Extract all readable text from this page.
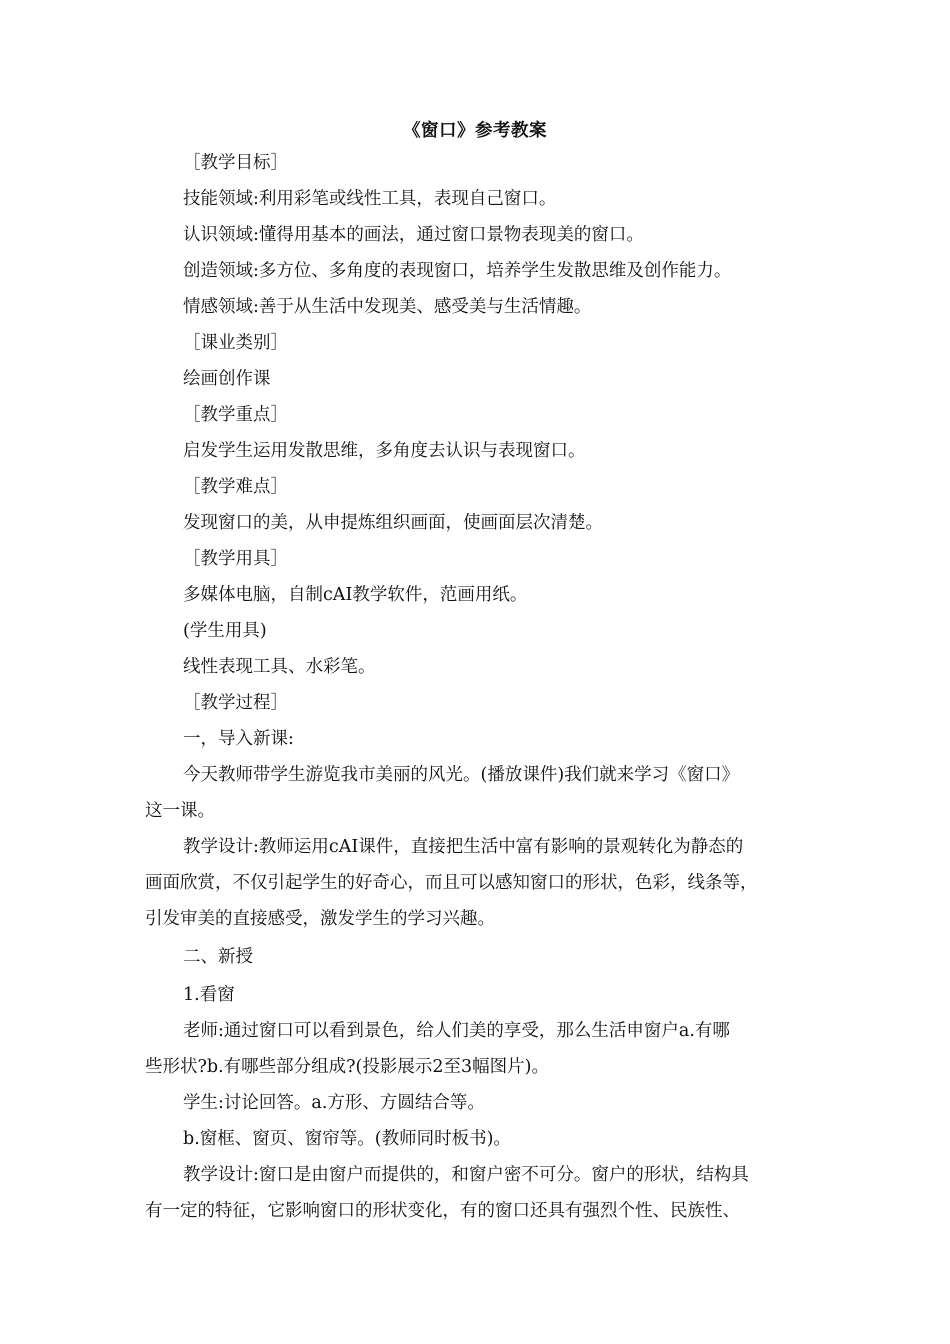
《窗口》参考教案
［教学目标］
技能领域:利用彩笔或线性工具，表现自己窗口。
认识领域:懂得用基本的画法，通过窗口景物表现美的窗口。
创造领域:多方位、多角度的表现窗口，培养学生发散思维及创作能力。
情感领域:善于从生活中发现美、感受美与生活情趣。
［课业类别］
绘画创作课
［教学重点］
启发学生运用发散思维，多角度去认识与表现窗口。
［教学难点］
发现窗口的美，从申提炼组织画面，使画面层次清楚。
［教学用具］
多媒体电脑，自制cAI教学软件，范画用纸。
(学生用具)
线性表现工具、水彩笔。
［教学过程］
一，导入新课:
今天教师带学生游览我市美丽的风光。(播放课件)我们就来学习《窗口》
这一课。
教学设计:教师运用cAI课件，直接把生活中富有影响的景观转化为静态的
画面欣赏，不仅引起学生的好奇心，而且可以感知窗口的形状，色彩，线条等，
引发审美的直接感受，激发学生的学习兴趣。
二、新授
1.看窗
老师:通过窗口可以看到景色，给人们美的享受，那么生活申窗户a.有哪
些形状?b.有哪些部分组成?(投影展示2至3幅图片)。
学生:讨论回答。a.方形、方圆结合等。
b.窗框、窗页、窗帘等。(教师同时板书)。
教学设计:窗口是由窗户而提供的，和窗户密不可分。窗户的形状，结构具
有一定的特征，它影响窗口的形状变化，有的窗口还具有强烈个性、民族性、
